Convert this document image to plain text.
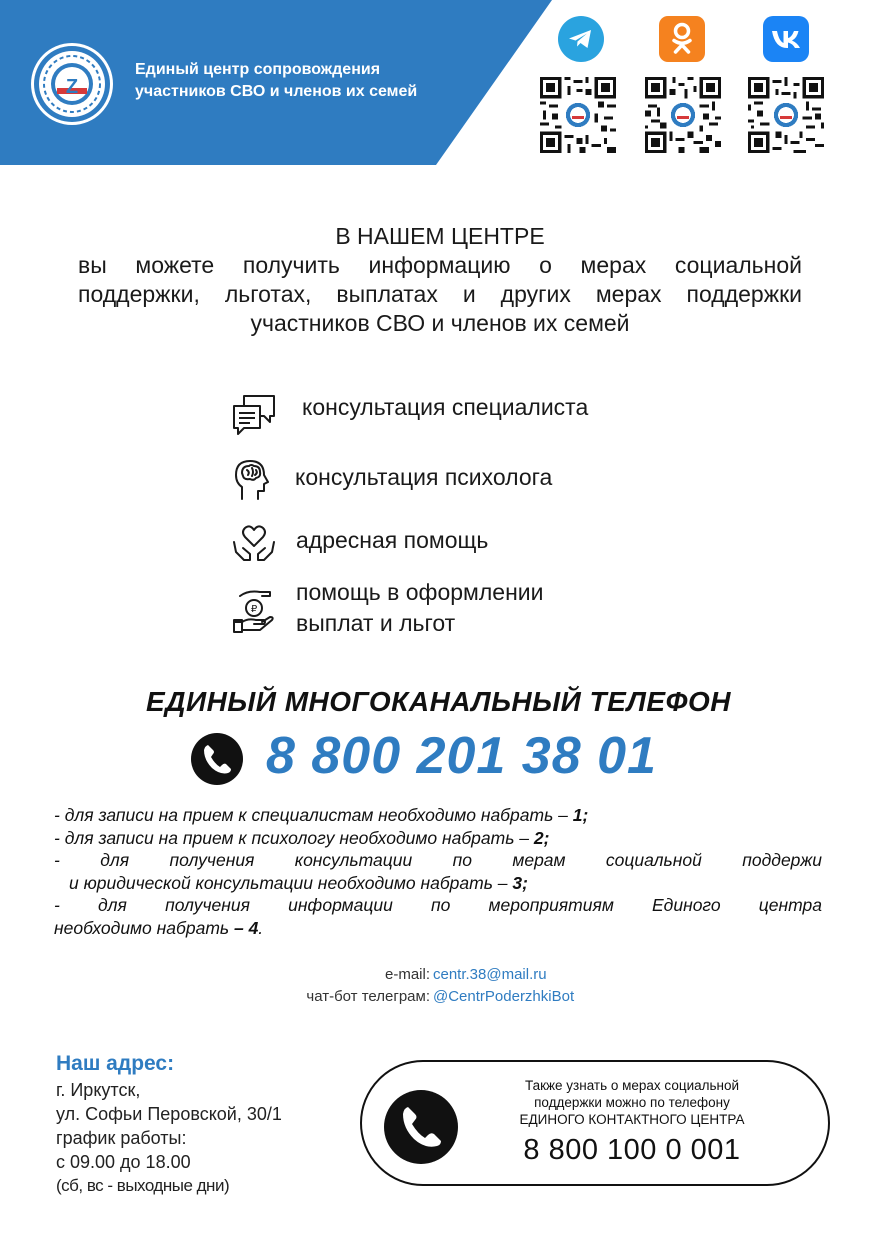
Z
Единый центр сопровождения
участников СВО и членов их семей
В НАШЕМ ЦЕНТРЕ
вы можете получить информацию о мерах социальной
поддержки, льготах, выплатах и других мерах поддержки
участников СВО и членов их семей
консультация специалиста
консультация психолога
адресная помощь
₽
помощь в оформлении
выплат и льгот
ЕДИНЫЙ МНОГОКАНАЛЬНЫЙ ТЕЛЕФОН
8 800 201 38 01
- для записи на прием к специалистам необходимо набрать – 1;
- для записи на прием к психологу необходимо набрать – 2;
- для получения консультации по мерам социальной поддержи
и юридической консультации необходимо набрать – 3;
- для получения информации по мероприятиям Единого центра
необходимо набрать – 4.
e-mail: centr.38@mail.ru
чат-бот телеграм: @CentrPoderzhkiBot
Наш адрес:
г. Иркутск,
ул. Софьи Перовской, 30/1
график работы:
с 09.00 до 18.00
(сб, вс - выходные дни)
Также узнать о мерах социальной
поддержки можно по телефону
ЕДИНОГО КОНТАКТНОГО ЦЕНТРА
8 800 100 0 001
